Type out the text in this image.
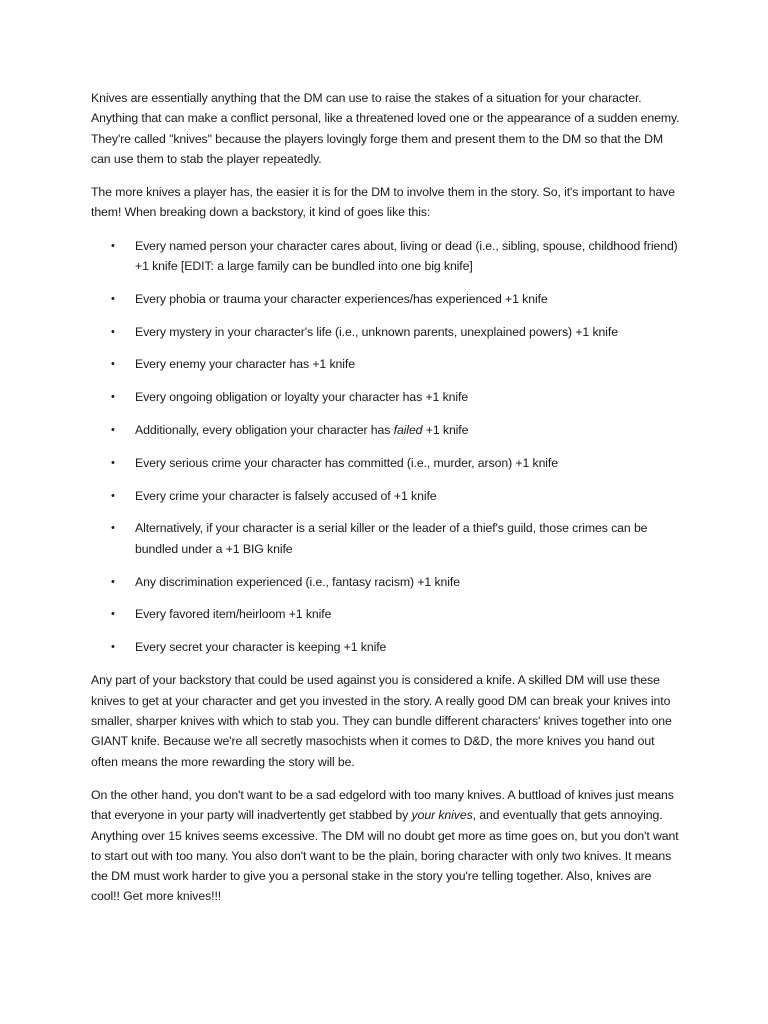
Knives are essentially anything that the DM can use to raise the stakes of a situation for your character. Anything that can make a conflict personal, like a threatened loved one or the appearance of a sudden enemy. They're called "knives" because the players lovingly forge them and present them to the DM so that the DM can use them to stab the player repeatedly.

The more knives a player has, the easier it is for the DM to involve them in the story. So, it's important to have them! When breaking down a backstory, it kind of goes like this:

• Every named person your character cares about, living or dead (i.e., sibling, spouse, childhood friend) +1 knife [EDIT: a large family can be bundled into one big knife]
• Every phobia or trauma your character experiences/has experienced +1 knife
• Every mystery in your character's life (i.e., unknown parents, unexplained powers) +1 knife
• Every enemy your character has +1 knife
• Every ongoing obligation or loyalty your character has +1 knife
• Additionally, every obligation your character has failed +1 knife
• Every serious crime your character has committed (i.e., murder, arson) +1 knife
• Every crime your character is falsely accused of +1 knife
• Alternatively, if your character is a serial killer or the leader of a thief's guild, those crimes can be bundled under a +1 BIG knife
• Any discrimination experienced (i.e., fantasy racism) +1 knife
• Every favored item/heirloom +1 knife
• Every secret your character is keeping +1 knife

Any part of your backstory that could be used against you is considered a knife. A skilled DM will use these knives to get at your character and get you invested in the story. A really good DM can break your knives into smaller, sharper knives with which to stab you. They can bundle different characters' knives together into one GIANT knife. Because we're all secretly masochists when it comes to D&D, the more knives you hand out often means the more rewarding the story will be.

On the other hand, you don't want to be a sad edgelord with too many knives. A buttload of knives just means that everyone in your party will inadvertently get stabbed by your knives, and eventually that gets annoying. Anything over 15 knives seems excessive. The DM will no doubt get more as time goes on, but you don't want to start out with too many. You also don't want to be the plain, boring character with only two knives. It means the DM must work harder to give you a personal stake in the story you're telling together. Also, knives are cool!! Get more knives!!!
